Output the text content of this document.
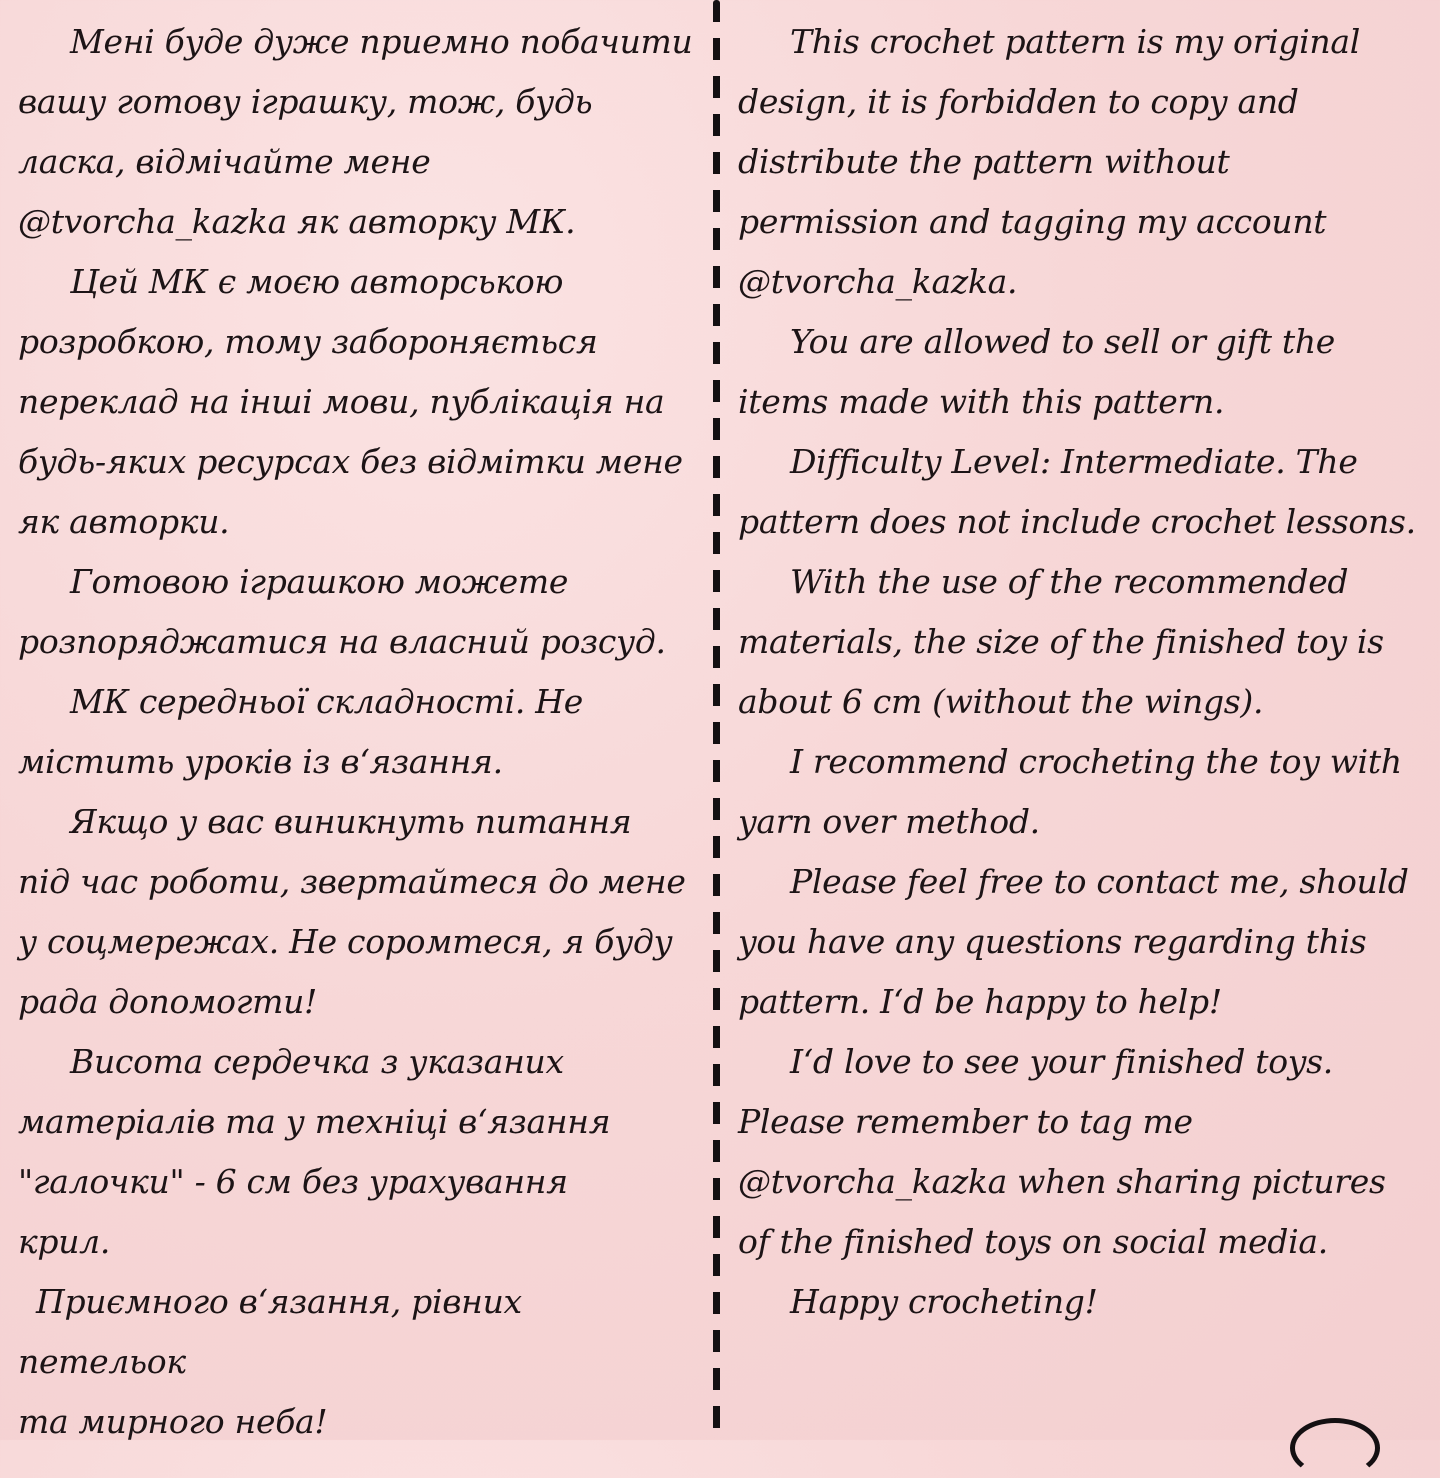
Мені буде дуже приемно побачити
вашу готову іграшку, тож, будь
ласка, відмічайте мене
@tvorcha_kazka як авторку МК.

Цей МК є моєю авторською
розробкою, тому забороняється
переклад на інші мови, публікація на
будь-яких ресурсах без відмітки мене
як авторки.

Готовою іграшкою можете
розпоряджатися на власний розсуд.

МК середньої складності. Не
містить уроків із в‘язання.

Якщо у вас виникнуть питання
під час роботи, звертайтеся до мене
у соцмережах. Не соромтеся, я буду
рада допомогти!

Висота сердечка з указаних
матеріалів та у техніці в‘язання
"галочки" - 6 см без урахування
крил.

Приємного в‘язання, рівних петельок
та мирного неба!

This crochet pattern is my original
design, it is forbidden to copy and
distribute the pattern without
permission and tagging my account
@tvorcha_kazka.

You are allowed to sell or gift the
items made with this pattern.

Difficulty Level: Intermediate. The
pattern does not include crochet lessons.

With the use of the recommended
materials, the size of the finished toy is
about 6 cm (without the wings).

I recommend crocheting the toy with
yarn over method.

Please feel free to contact me, should
you have any questions regarding this
pattern. I‘d be happy to help!

I‘d love to see your finished toys.
Please remember to tag me
@tvorcha_kazka when sharing pictures
of the finished toys on social media.

Happy crocheting!
